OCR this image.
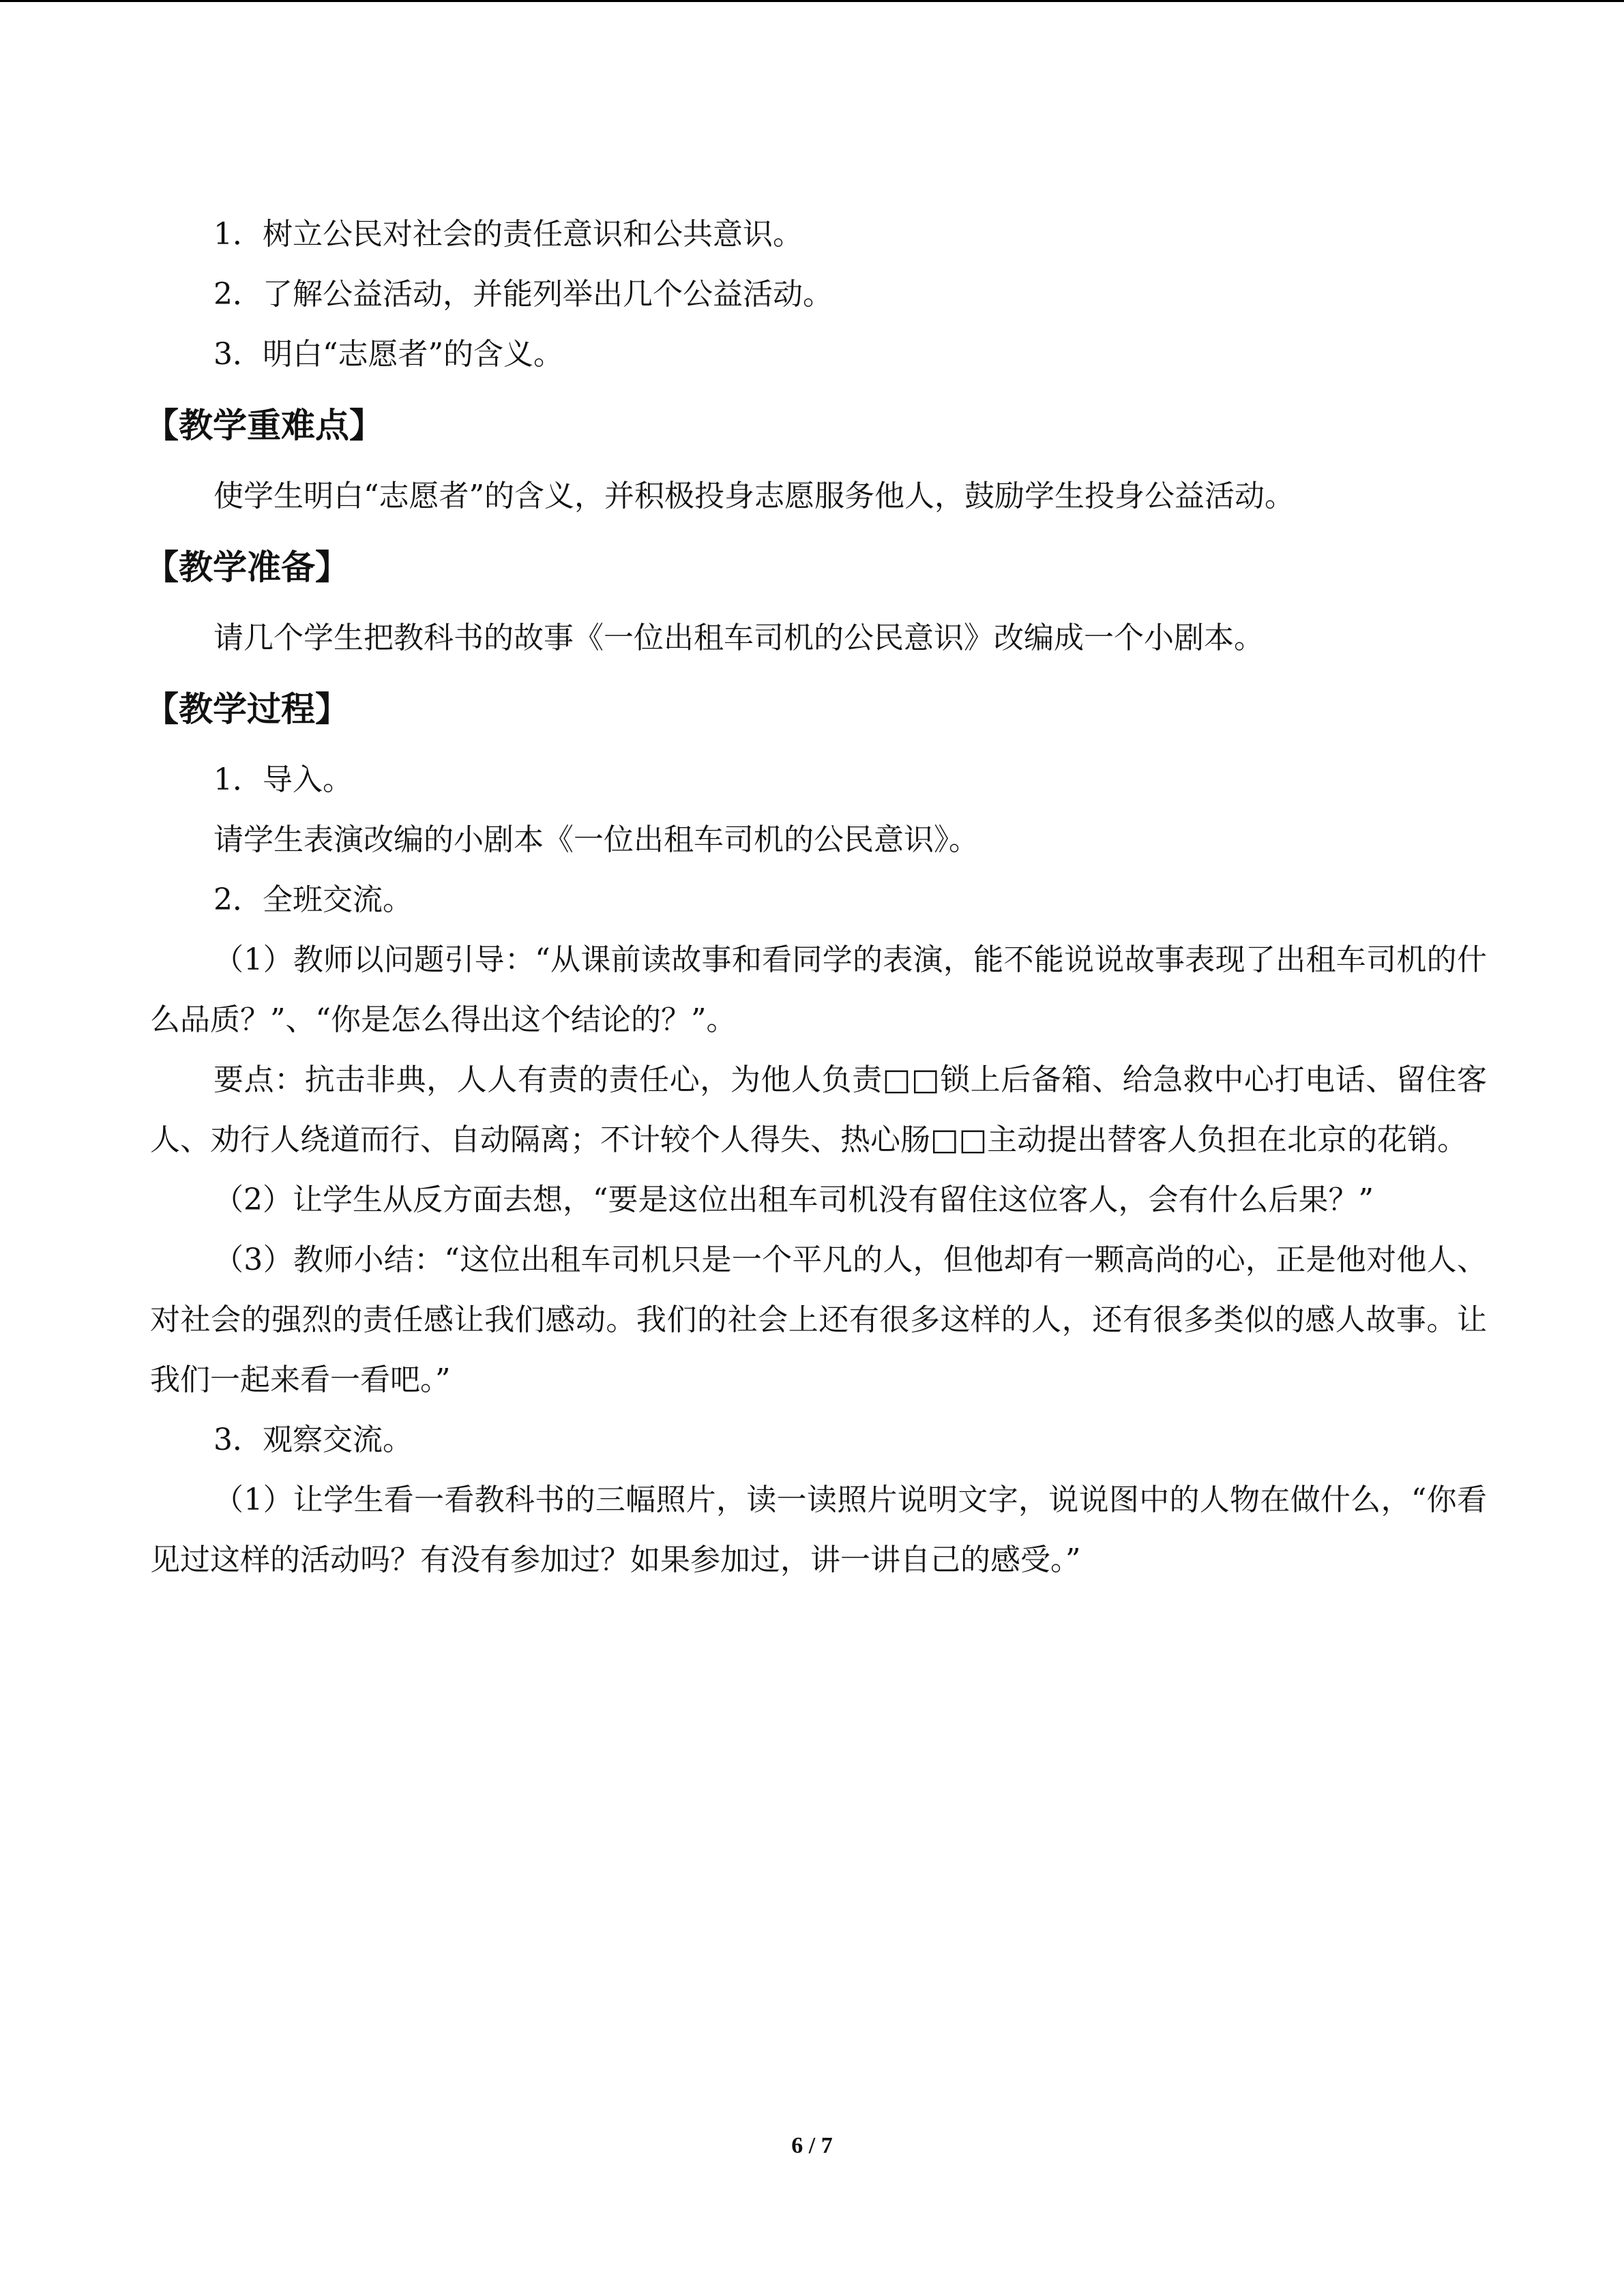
1．树立公民对社会的责任意识和公共意识。

2．了解公益活动，并能列举出几个公益活动。

3．明白“志愿者”的含义。

【教学重难点】

使学生明白“志愿者”的含义，并积极投身志愿服务他人，鼓励学生投身公益活动。

【教学准备】

请几个学生把教科书的故事《一位出租车司机的公民意识》改编成一个小剧本。

【教学过程】

1．导入。

请学生表演改编的小剧本《一位出租车司机的公民意识》。

2．全班交流。

（1）教师以问题引导：“从课前读故事和看同学的表演，能不能说说故事表现了出租车司机的什么品质？”、“你是怎么得出这个结论的？”。

要点：抗击非典，人人有责的责任心，为他人负责□□锁上后备箱、给急救中心打电话、留住客人、劝行人绕道而行、自动隔离；不计较个人得失、热心肠□□主动提出替客人负担在北京的花销。

（2）让学生从反方面去想，“要是这位出租车司机没有留住这位客人，会有什么后果？”

（3）教师小结：“这位出租车司机只是一个平凡的人，但他却有一颗高尚的心，正是他对他人、对社会的强烈的责任感让我们感动。我们的社会上还有很多这样的人，还有很多类似的感人故事。让我们一起来看一看吧。”

3．观察交流。

（1）让学生看一看教科书的三幅照片，读一读照片说明文字，说说图中的人物在做什么，“你看见过这样的活动吗？有没有参加过？如果参加过，讲一讲自己的感受。”

6 / 7
